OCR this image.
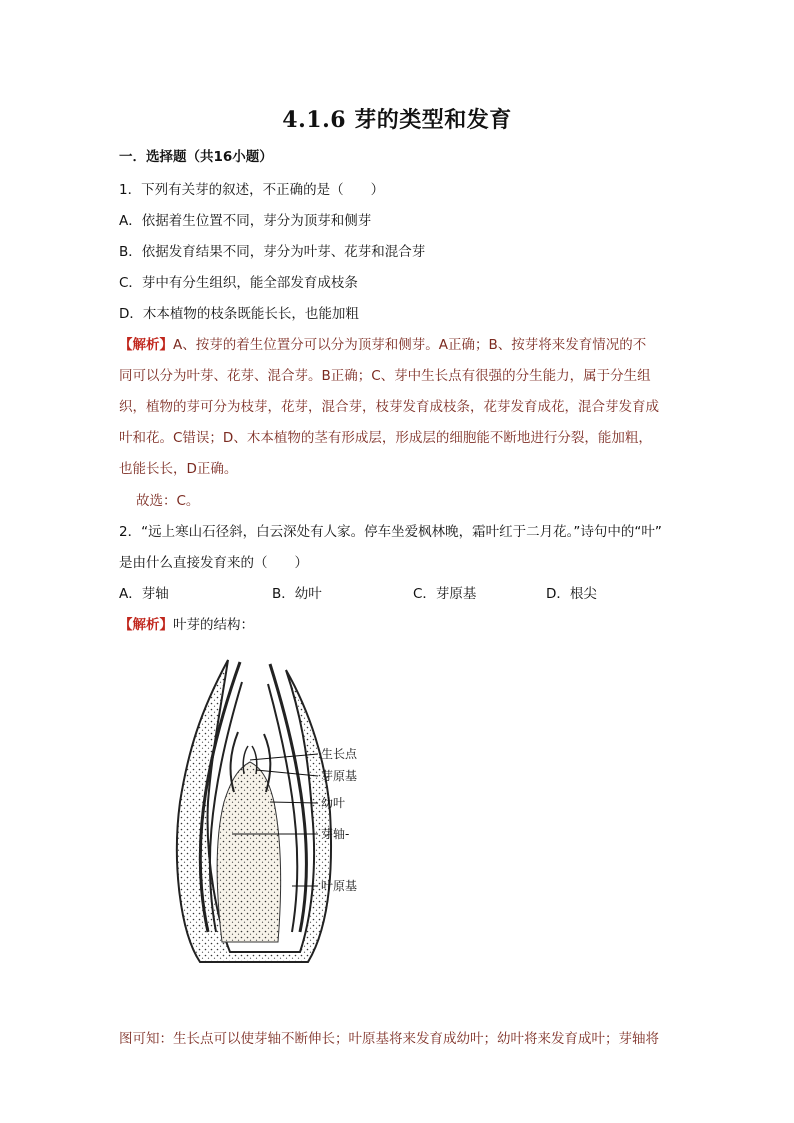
4.1.6 芽的类型和发育
一．选择题（共16小题）
1．下列有关芽的叙述，不正确的是（　　）
A．依据着生位置不同，芽分为顶芽和侧芽
B．依据发育结果不同，芽分为叶芽、花芽和混合芽
C．芽中有分生组织，能全部发育成枝条
D．木本植物的枝条既能长长，也能加粗
【解析】A、按芽的着生位置分可以分为顶芽和侧芽。A正确；B、按芽将来发育情况的不
同可以分为叶芽、花芽、混合芽。B正确；C、芽中生长点有很强的分生能力，属于分生组
织，植物的芽可分为枝芽，花芽，混合芽，枝芽发育成枝条，花芽发育成花，混合芽发育成
叶和花。C错误；D、木本植物的茎有形成层，形成层的细胞能不断地进行分裂，能加粗，
也能长长，D正确。
故选：C。
2．“远上寒山石径斜，白云深处有人家。停车坐爱枫林晚，霜叶红于二月花。”诗句中的“叶”
是由什么直接发育来的（　　）
A．芽轴	B．幼叶	C．芽原基	D．根尖
【解析】叶芽的结构：
生长点
芽原基
幼叶
芽轴-
叶原基
图可知：生长点可以使芽轴不断伸长；叶原基将来发育成幼叶；幼叶将来发育成叶；芽轴将
